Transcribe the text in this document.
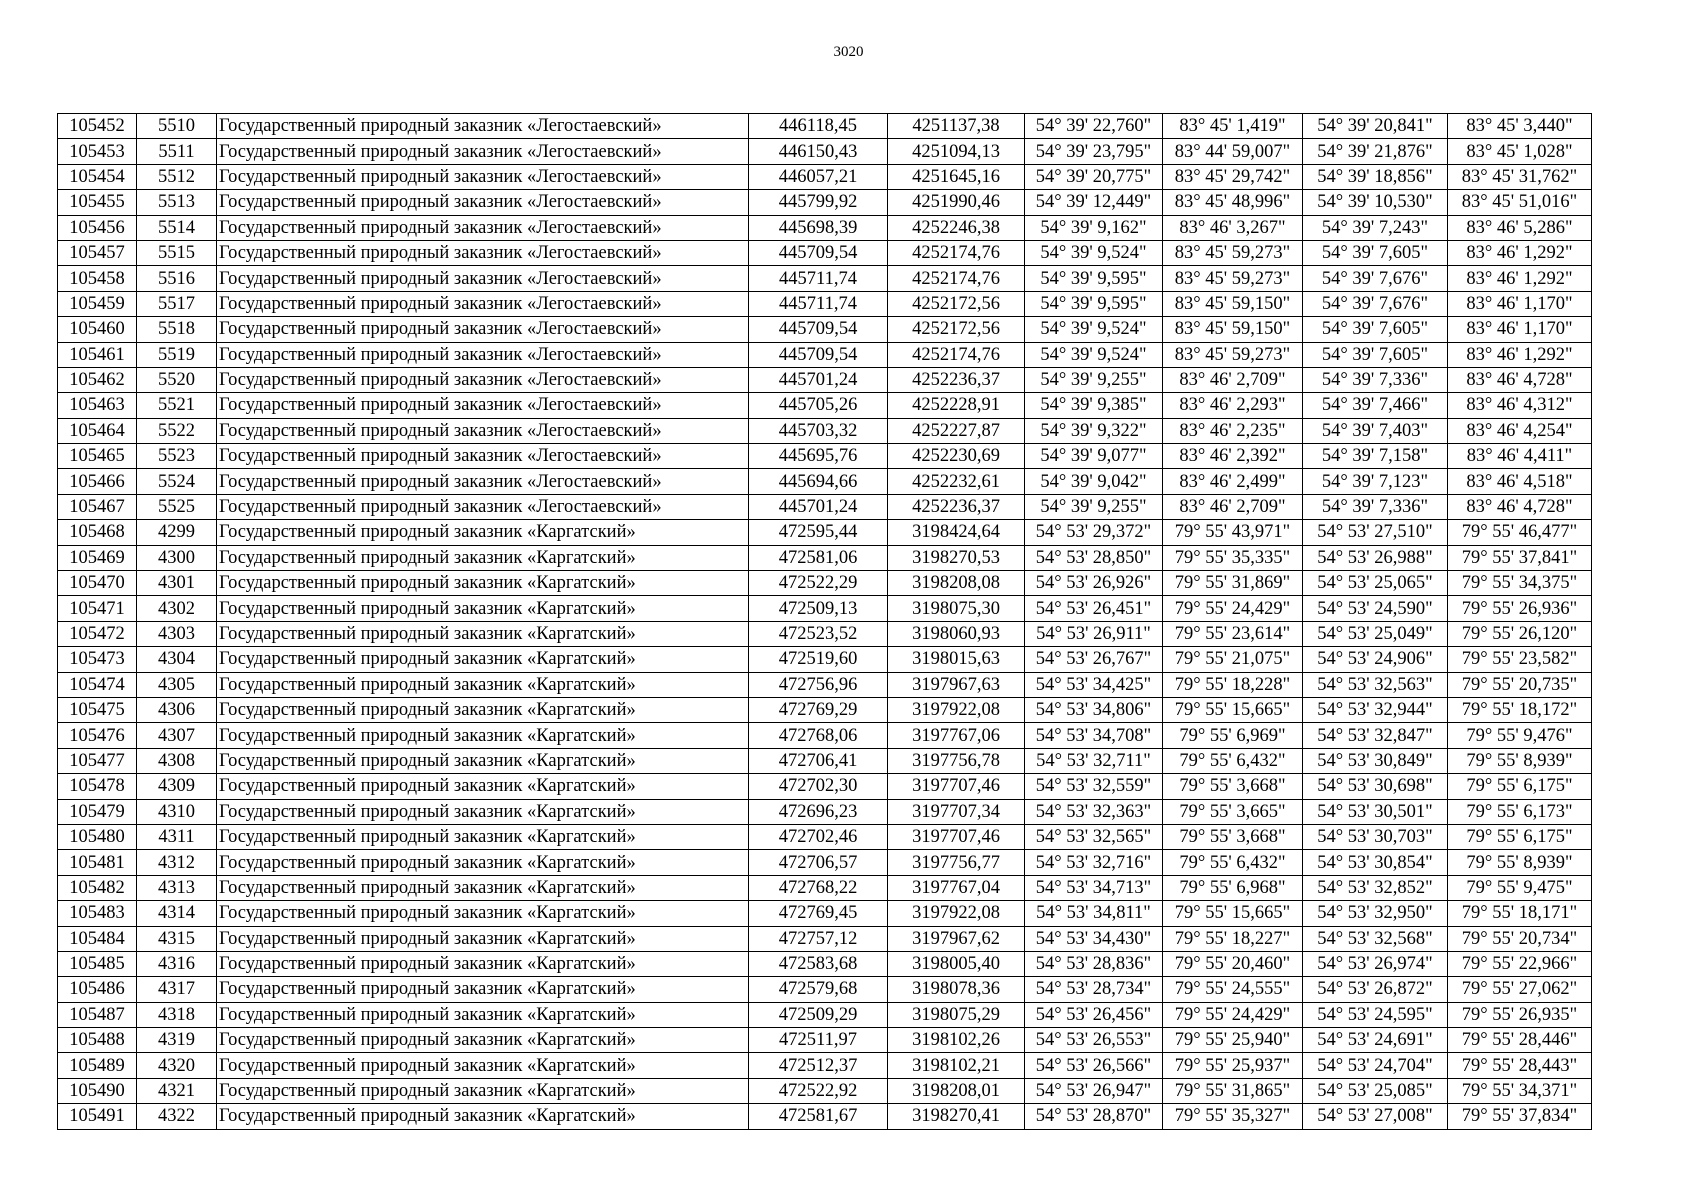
3020
105452	5510	Государственный природный заказник «Легостаевский»	446118,45	4251137,38	54° 39' 22,760"	83° 45' 1,419"	54° 39' 20,841"	83° 45' 3,440"
105453	5511	Государственный природный заказник «Легостаевский»	446150,43	4251094,13	54° 39' 23,795"	83° 44' 59,007"	54° 39' 21,876"	83° 45' 1,028"
105454	5512	Государственный природный заказник «Легостаевский»	446057,21	4251645,16	54° 39' 20,775"	83° 45' 29,742"	54° 39' 18,856"	83° 45' 31,762"
105455	5513	Государственный природный заказник «Легостаевский»	445799,92	4251990,46	54° 39' 12,449"	83° 45' 48,996"	54° 39' 10,530"	83° 45' 51,016"
105456	5514	Государственный природный заказник «Легостаевский»	445698,39	4252246,38	54° 39' 9,162"	83° 46' 3,267"	54° 39' 7,243"	83° 46' 5,286"
105457	5515	Государственный природный заказник «Легостаевский»	445709,54	4252174,76	54° 39' 9,524"	83° 45' 59,273"	54° 39' 7,605"	83° 46' 1,292"
105458	5516	Государственный природный заказник «Легостаевский»	445711,74	4252174,76	54° 39' 9,595"	83° 45' 59,273"	54° 39' 7,676"	83° 46' 1,292"
105459	5517	Государственный природный заказник «Легостаевский»	445711,74	4252172,56	54° 39' 9,595"	83° 45' 59,150"	54° 39' 7,676"	83° 46' 1,170"
105460	5518	Государственный природный заказник «Легостаевский»	445709,54	4252172,56	54° 39' 9,524"	83° 45' 59,150"	54° 39' 7,605"	83° 46' 1,170"
105461	5519	Государственный природный заказник «Легостаевский»	445709,54	4252174,76	54° 39' 9,524"	83° 45' 59,273"	54° 39' 7,605"	83° 46' 1,292"
105462	5520	Государственный природный заказник «Легостаевский»	445701,24	4252236,37	54° 39' 9,255"	83° 46' 2,709"	54° 39' 7,336"	83° 46' 4,728"
105463	5521	Государственный природный заказник «Легостаевский»	445705,26	4252228,91	54° 39' 9,385"	83° 46' 2,293"	54° 39' 7,466"	83° 46' 4,312"
105464	5522	Государственный природный заказник «Легостаевский»	445703,32	4252227,87	54° 39' 9,322"	83° 46' 2,235"	54° 39' 7,403"	83° 46' 4,254"
105465	5523	Государственный природный заказник «Легостаевский»	445695,76	4252230,69	54° 39' 9,077"	83° 46' 2,392"	54° 39' 7,158"	83° 46' 4,411"
105466	5524	Государственный природный заказник «Легостаевский»	445694,66	4252232,61	54° 39' 9,042"	83° 46' 2,499"	54° 39' 7,123"	83° 46' 4,518"
105467	5525	Государственный природный заказник «Легостаевский»	445701,24	4252236,37	54° 39' 9,255"	83° 46' 2,709"	54° 39' 7,336"	83° 46' 4,728"
105468	4299	Государственный природный заказник «Каргатский»	472595,44	3198424,64	54° 53' 29,372"	79° 55' 43,971"	54° 53' 27,510"	79° 55' 46,477"
105469	4300	Государственный природный заказник «Каргатский»	472581,06	3198270,53	54° 53' 28,850"	79° 55' 35,335"	54° 53' 26,988"	79° 55' 37,841"
105470	4301	Государственный природный заказник «Каргатский»	472522,29	3198208,08	54° 53' 26,926"	79° 55' 31,869"	54° 53' 25,065"	79° 55' 34,375"
105471	4302	Государственный природный заказник «Каргатский»	472509,13	3198075,30	54° 53' 26,451"	79° 55' 24,429"	54° 53' 24,590"	79° 55' 26,936"
105472	4303	Государственный природный заказник «Каргатский»	472523,52	3198060,93	54° 53' 26,911"	79° 55' 23,614"	54° 53' 25,049"	79° 55' 26,120"
105473	4304	Государственный природный заказник «Каргатский»	472519,60	3198015,63	54° 53' 26,767"	79° 55' 21,075"	54° 53' 24,906"	79° 55' 23,582"
105474	4305	Государственный природный заказник «Каргатский»	472756,96	3197967,63	54° 53' 34,425"	79° 55' 18,228"	54° 53' 32,563"	79° 55' 20,735"
105475	4306	Государственный природный заказник «Каргатский»	472769,29	3197922,08	54° 53' 34,806"	79° 55' 15,665"	54° 53' 32,944"	79° 55' 18,172"
105476	4307	Государственный природный заказник «Каргатский»	472768,06	3197767,06	54° 53' 34,708"	79° 55' 6,969"	54° 53' 32,847"	79° 55' 9,476"
105477	4308	Государственный природный заказник «Каргатский»	472706,41	3197756,78	54° 53' 32,711"	79° 55' 6,432"	54° 53' 30,849"	79° 55' 8,939"
105478	4309	Государственный природный заказник «Каргатский»	472702,30	3197707,46	54° 53' 32,559"	79° 55' 3,668"	54° 53' 30,698"	79° 55' 6,175"
105479	4310	Государственный природный заказник «Каргатский»	472696,23	3197707,34	54° 53' 32,363"	79° 55' 3,665"	54° 53' 30,501"	79° 55' 6,173"
105480	4311	Государственный природный заказник «Каргатский»	472702,46	3197707,46	54° 53' 32,565"	79° 55' 3,668"	54° 53' 30,703"	79° 55' 6,175"
105481	4312	Государственный природный заказник «Каргатский»	472706,57	3197756,77	54° 53' 32,716"	79° 55' 6,432"	54° 53' 30,854"	79° 55' 8,939"
105482	4313	Государственный природный заказник «Каргатский»	472768,22	3197767,04	54° 53' 34,713"	79° 55' 6,968"	54° 53' 32,852"	79° 55' 9,475"
105483	4314	Государственный природный заказник «Каргатский»	472769,45	3197922,08	54° 53' 34,811"	79° 55' 15,665"	54° 53' 32,950"	79° 55' 18,171"
105484	4315	Государственный природный заказник «Каргатский»	472757,12	3197967,62	54° 53' 34,430"	79° 55' 18,227"	54° 53' 32,568"	79° 55' 20,734"
105485	4316	Государственный природный заказник «Каргатский»	472583,68	3198005,40	54° 53' 28,836"	79° 55' 20,460"	54° 53' 26,974"	79° 55' 22,966"
105486	4317	Государственный природный заказник «Каргатский»	472579,68	3198078,36	54° 53' 28,734"	79° 55' 24,555"	54° 53' 26,872"	79° 55' 27,062"
105487	4318	Государственный природный заказник «Каргатский»	472509,29	3198075,29	54° 53' 26,456"	79° 55' 24,429"	54° 53' 24,595"	79° 55' 26,935"
105488	4319	Государственный природный заказник «Каргатский»	472511,97	3198102,26	54° 53' 26,553"	79° 55' 25,940"	54° 53' 24,691"	79° 55' 28,446"
105489	4320	Государственный природный заказник «Каргатский»	472512,37	3198102,21	54° 53' 26,566"	79° 55' 25,937"	54° 53' 24,704"	79° 55' 28,443"
105490	4321	Государственный природный заказник «Каргатский»	472522,92	3198208,01	54° 53' 26,947"	79° 55' 31,865"	54° 53' 25,085"	79° 55' 34,371"
105491	4322	Государственный природный заказник «Каргатский»	472581,67	3198270,41	54° 53' 28,870"	79° 55' 35,327"	54° 53' 27,008"	79° 55' 37,834"
